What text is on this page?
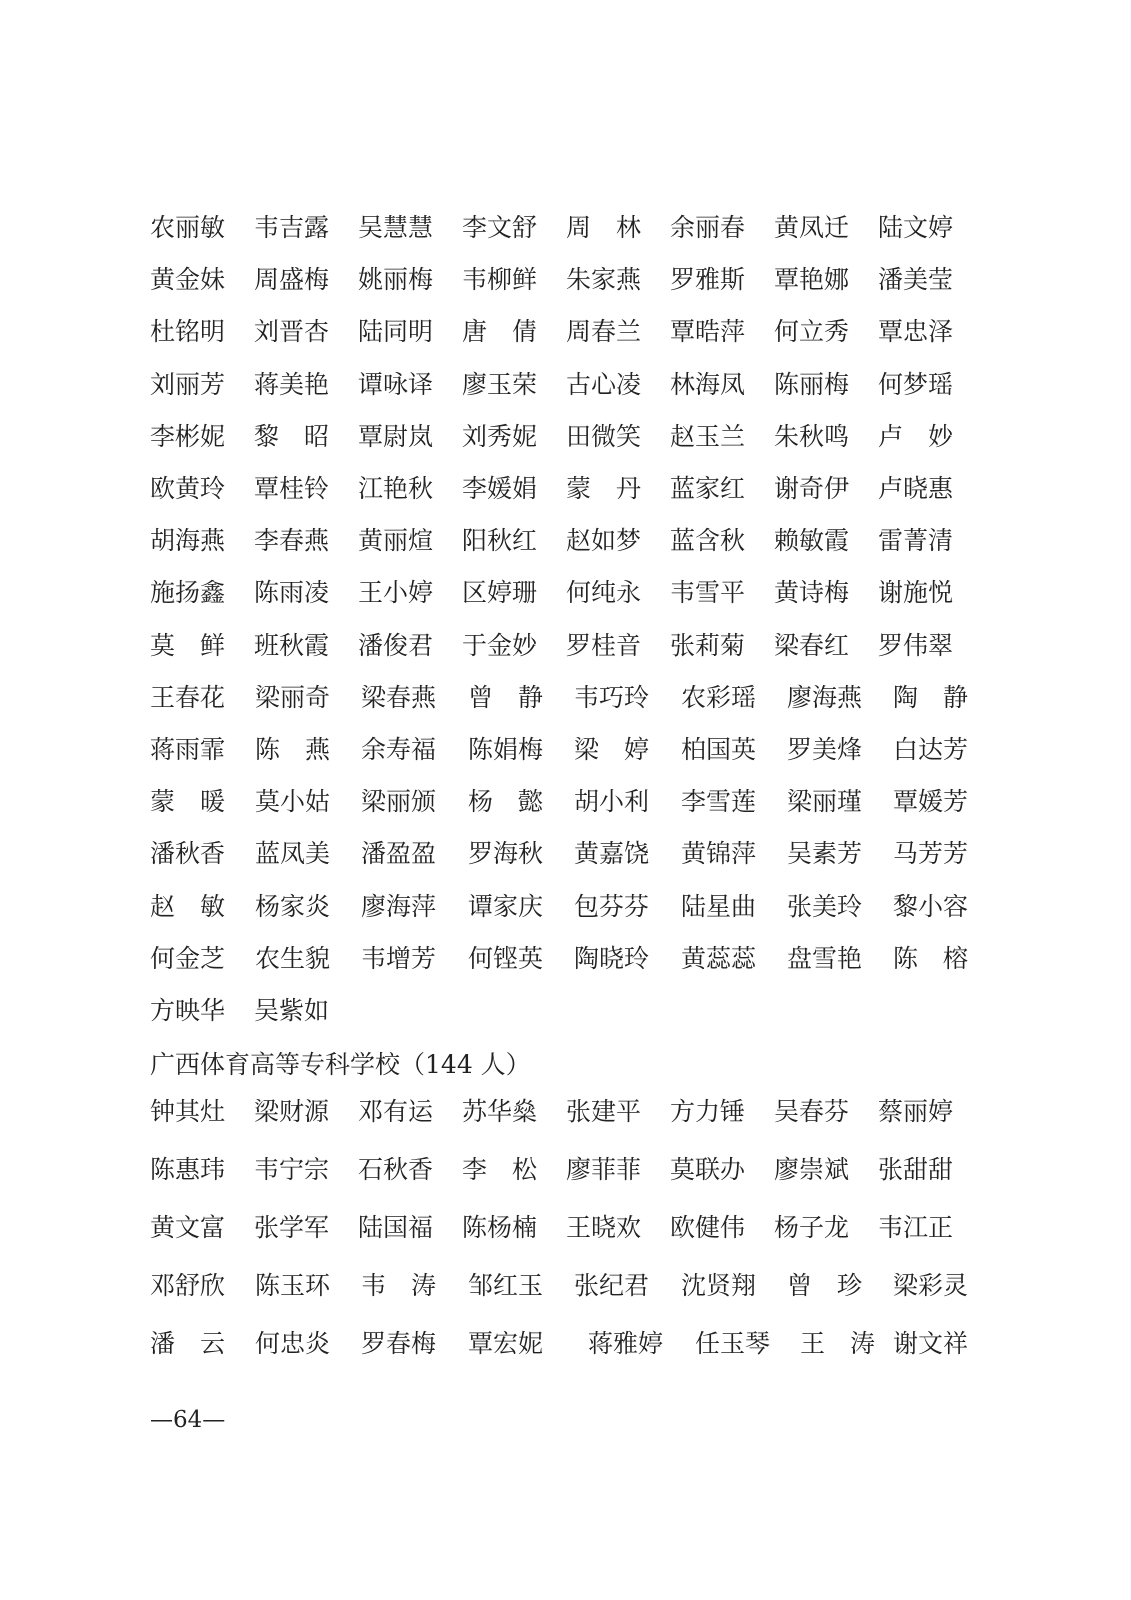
农丽敏 韦吉露 吴慧慧 李文舒 周　林 余丽春 黄凤迁 陆文婷
黄金妹 周盛梅 姚丽梅 韦柳鲜 朱家燕 罗雅斯 覃艳娜 潘美莹
杜铭明 刘晋杏 陆同明 唐　倩 周春兰 覃晧萍 何立秀 覃忠泽
刘丽芳 蒋美艳 谭咏译 廖玉荣 古心凌 林海凤 陈丽梅 何梦瑶
李彬妮 黎　昭 覃尉岚 刘秀妮 田微笑 赵玉兰 朱秋鸣 卢　妙
欧黄玲 覃桂铃 江艳秋 李媛娟 蒙　丹 蓝家红 谢奇伊 卢晓惠
胡海燕 李春燕 黄丽煊 阳秋红 赵如梦 蓝含秋 赖敏霞 雷菁清
施扬鑫 陈雨凌 王小婷 区婷珊 何纯永 韦雪平 黄诗梅 谢施悦
莫　鲜 班秋霞 潘俊君 于金妙 罗桂音 张莉菊 梁春红 罗伟翠
王春花 梁丽奇 梁春燕 曾　静 韦巧玲 农彩瑶 廖海燕 陶　静
蒋雨霏 陈　燕 余寿福 陈娟梅 梁　婷 柏国英 罗美烽 白达芳
蒙　暖 莫小姑 梁丽颁 杨　懿 胡小利 李雪莲 梁丽瑾 覃媛芳
潘秋香 蓝凤美 潘盈盈 罗海秋 黄嘉饶 黄锦萍 吴素芳 马芳芳
赵　敏 杨家炎 廖海萍 谭家庆 包芬芬 陆星曲 张美玲 黎小容
何金芝 农生貌 韦增芳 何铿英 陶晓玲 黄蕊蕊 盘雪艳 陈　榕
方映华 吴紫如
广西体育高等专科学校（144 人）
钟其灶 梁财源 邓有运 苏华燊 张建平 方力锤 吴春芬 蔡丽婷
陈惠玮 韦宁宗 石秋香 李　松 廖菲菲 莫联办 廖崇斌 张甜甜
黄文富 张学军 陆国福 陈杨楠 王晓欢 欧健伟 杨子龙 韦江正
邓舒欣 陈玉环 韦　涛 邹红玉 张纪君 沈贤翔 曾　珍 梁彩灵
潘　云 何忠炎 罗春梅 覃宏妮 蒋雅婷 任玉琴 王　涛 谢文祥
—64—
